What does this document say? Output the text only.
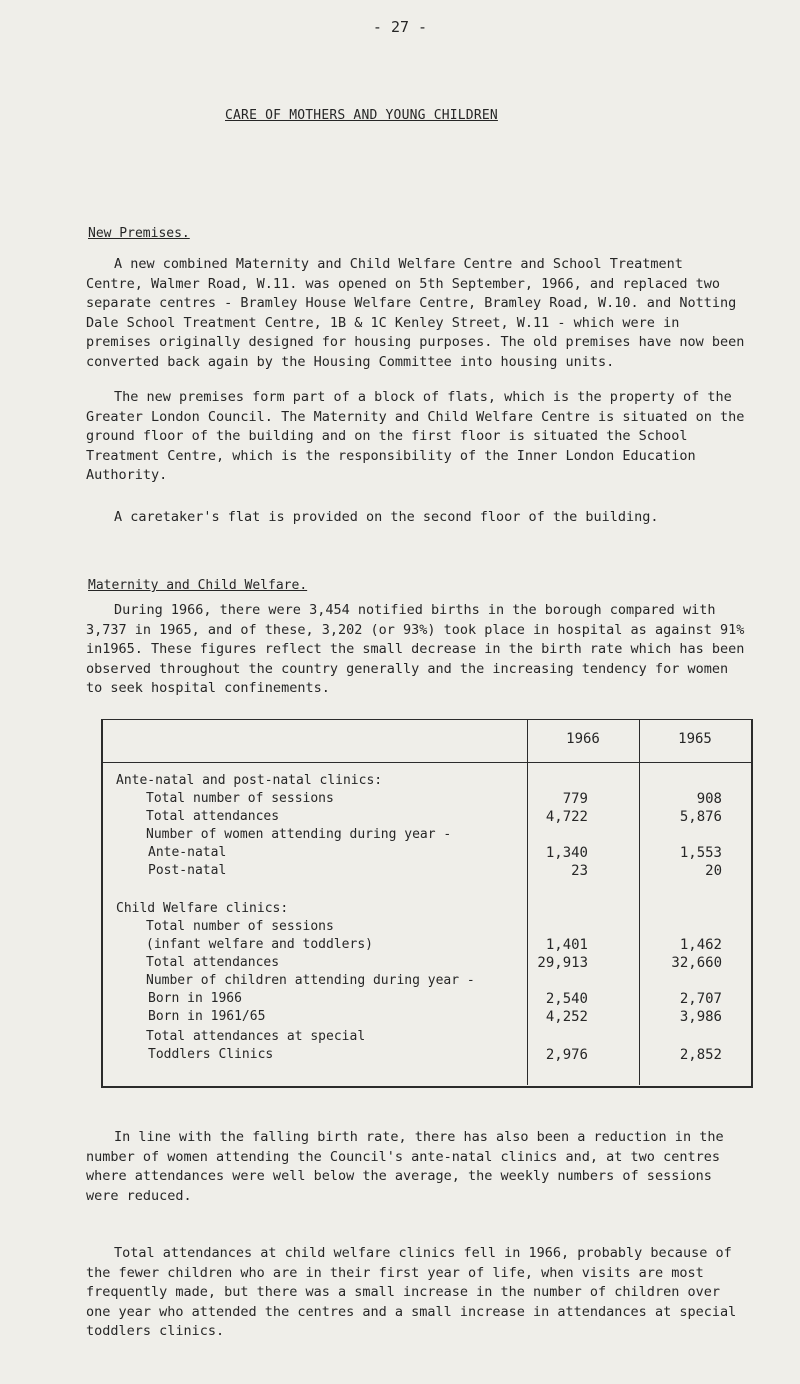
- 27 -
CARE OF MOTHERS AND YOUNG CHILDREN
New Premises.

A new combined Maternity and Child Welfare Centre and School Treatment Centre, Walmer Road, W.11. was opened on 5th September, 1966, and replaced two separate centres - Bramley House Welfare Centre, Bramley Road, W.10. and Notting Dale School Treatment Centre, 1B & 1C Kenley Street, W.11 - which were in premises originally designed for housing purposes. The old premises have now been converted back again by the Housing Committee into housing units.

The new premises form part of a block of flats, which is the property of the Greater London Council. The Maternity and Child Welfare Centre is situated on the ground floor of the building and on the first floor is situated the School Treatment Centre, which is the responsibility of the Inner London Education Authority.

A caretaker's flat is provided on the second floor of the building.

Maternity and Child Welfare.

During 1966, there were 3,454 notified births in the borough compared with 3,737 in 1965, and of these, 3,202 (or 93%) took place in hospital as against 91% in1965. These figures reflect the small decrease in the birth rate which has been observed throughout the country generally and the increasing tendency for women to seek hospital confinements.

1966	1965
Ante-natal and post-natal clinics:
Total number of sessions	779	908
Total attendances	4,722	5,876
Number of women attending during year -
Ante-natal	1,340	1,553
Post-natal	23	20
Child Welfare clinics:
Total number of sessions
(infant welfare and toddlers)	1,401	1,462
Total attendances	29,913	32,660
Number of children attending during year -
Born in 1966	2,540	2,707
Born in 1961/65	4,252	3,986
Total attendances at special
Toddlers Clinics	2,976	2,852

In line with the falling birth rate, there has also been a reduction in the number of women attending the Council's ante-natal clinics and, at two centres where attendances were well below the average, the weekly numbers of sessions were reduced.

Total attendances at child welfare clinics fell in 1966, probably because of the fewer children who are in their first year of life, when visits are most frequently made, but there was a small increase in the number of children over one year who attended the centres and a small increase in attendances at special toddlers clinics.
